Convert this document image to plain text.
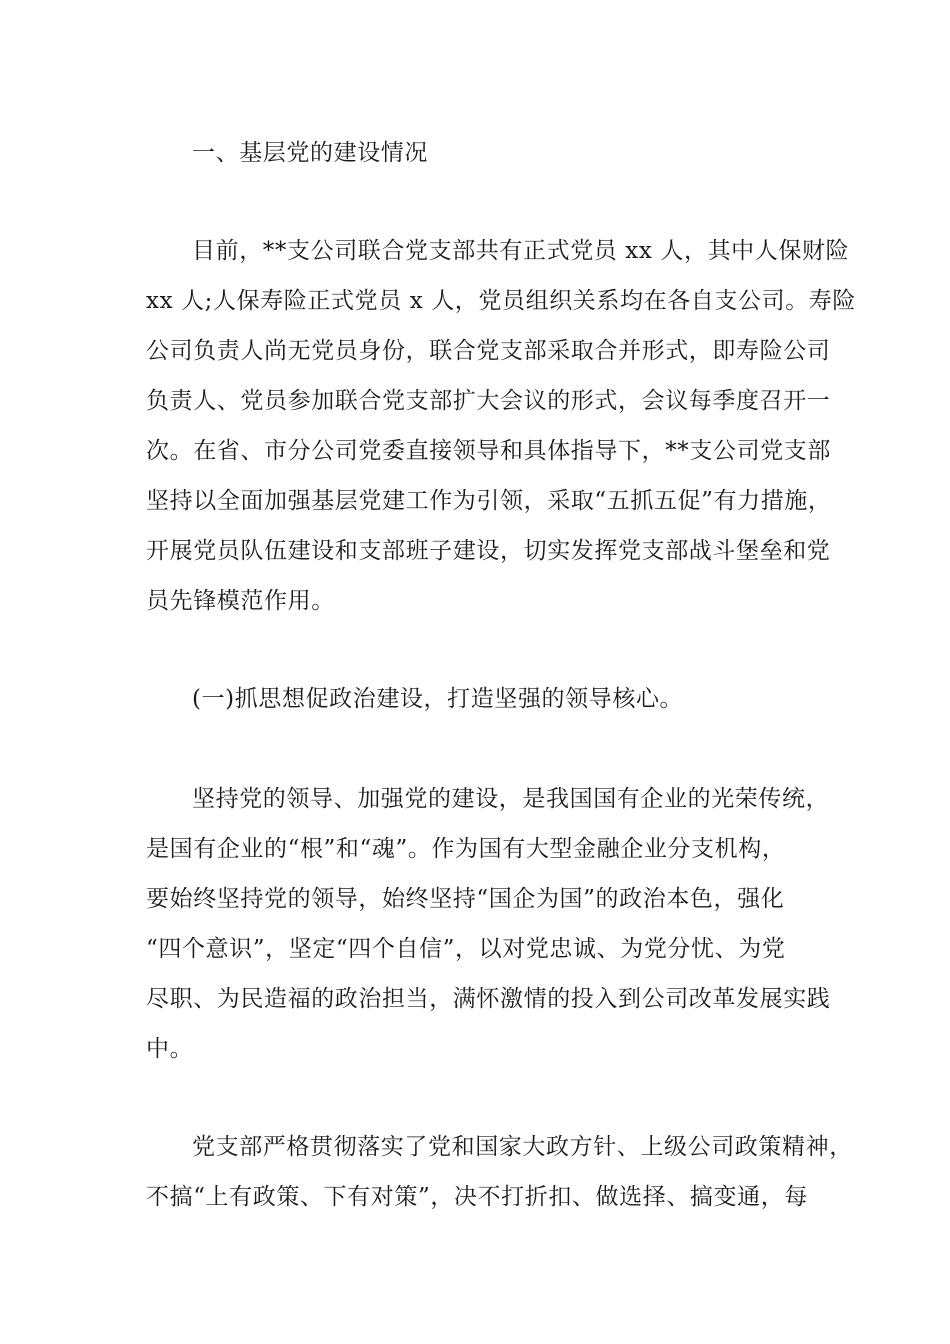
一、基层党的建设情况
目前，**支公司联合党支部共有正式党员 xx 人，其中人保财险
xx 人;人保寿险正式党员 x 人，党员组织关系均在各自支公司。寿险
公司负责人尚无党员身份，联合党支部采取合并形式，即寿险公司
负责人、党员参加联合党支部扩大会议的形式，会议每季度召开一
次。在省、市分公司党委直接领导和具体指导下，**支公司党支部
坚持以全面加强基层党建工作为引领，采取“五抓五促”有力措施，
开展党员队伍建设和支部班子建设，切实发挥党支部战斗堡垒和党
员先锋模范作用。
(一)抓思想促政治建设，打造坚强的领导核心。
坚持党的领导、加强党的建设，是我国国有企业的光荣传统，
是国有企业的“根”和“魂”。作为国有大型金融企业分支机构，
要始终坚持党的领导，始终坚持“国企为国”的政治本色，强化
“四个意识”，坚定“四个自信”，以对党忠诚、为党分忧、为党
尽职、为民造福的政治担当，满怀激情的投入到公司改革发展实践
中。
党支部严格贯彻落实了党和国家大政方针、上级公司政策精神，
不搞“上有政策、下有对策”，决不打折扣、做选择、搞变通，每
